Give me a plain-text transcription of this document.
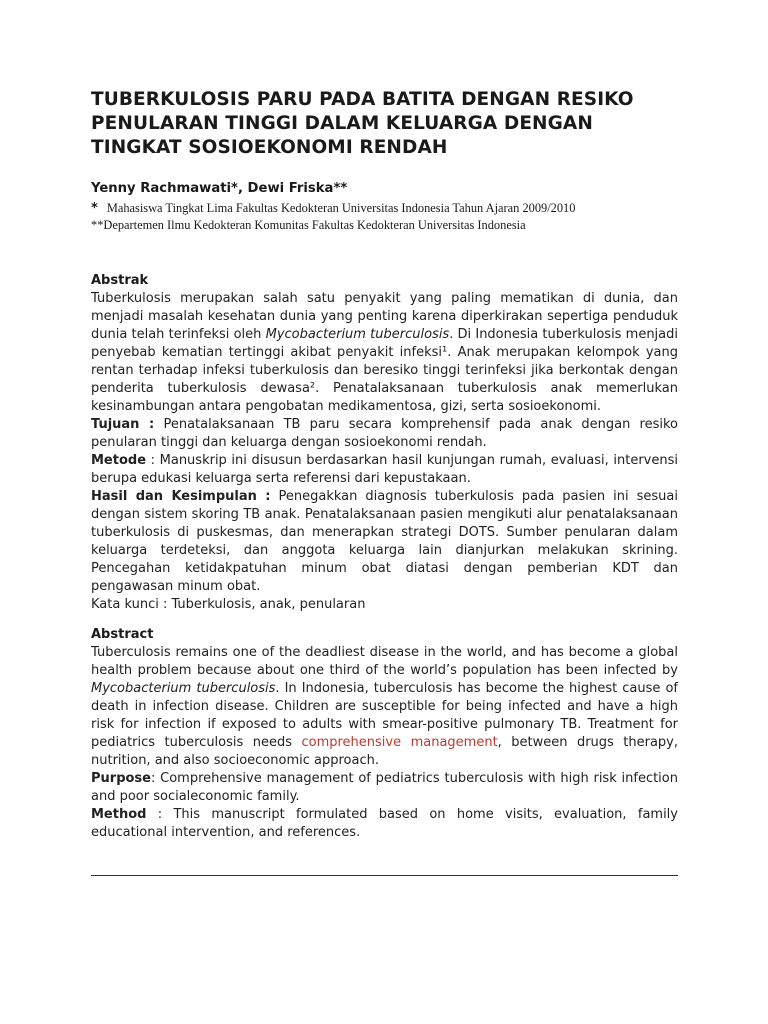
TUBERKULOSIS PARU PADA BATITA DENGAN RESIKO
PENULARAN TINGGI DALAM KELUARGA DENGAN
TINGKAT SOSIOEKONOMI RENDAH
Yenny Rachmawati*, Dewi Friska**
* Mahasiswa Tingkat Lima Fakultas Kedokteran Universitas Indonesia Tahun Ajaran 2009/2010
**Departemen Ilmu Kedokteran Komunitas Fakultas Kedokteran Universitas Indonesia
Abstrak

Tuberkulosis merupakan salah satu penyakit yang paling mematikan di dunia, dan menjadi masalah kesehatan dunia yang penting karena diperkirakan sepertiga penduduk dunia telah terinfeksi oleh Mycobacterium tuberculosis. Di Indonesia tuberkulosis menjadi penyebab kematian tertinggi akibat penyakit infeksi¹. Anak merupakan kelompok yang rentan terhadap infeksi tuberkulosis dan beresiko tinggi terinfeksi jika berkontak dengan penderita tuberkulosis dewasa². Penatalaksanaan tuberkulosis anak memerlukan kesinambungan antara pengobatan medikamentosa, gizi, serta sosioekonomi.

Tujuan : Penatalaksanaan TB paru secara komprehensif pada anak dengan resiko penularan tinggi dan keluarga dengan sosioekonomi rendah.

Metode : Manuskrip ini disusun berdasarkan hasil kunjungan rumah, evaluasi, intervensi berupa edukasi keluarga serta referensi dari kepustakaan.

Hasil dan Kesimpulan : Penegakkan diagnosis tuberkulosis pada pasien ini sesuai dengan sistem skoring TB anak. Penatalaksanaan pasien mengikuti alur penatalaksanaan tuberkulosis di puskesmas, dan menerapkan strategi DOTS. Sumber penularan dalam keluarga terdeteksi, dan anggota keluarga lain dianjurkan melakukan skrining. Pencegahan ketidakpatuhan minum obat diatasi dengan pemberian KDT dan pengawasan minum obat.

Kata kunci : Tuberkulosis, anak, penularan

Abstract

Tuberculosis remains one of the deadliest disease in the world, and has become a global health problem because about one third of the world’s population has been infected by Mycobacterium tuberculosis. In Indonesia, tuberculosis has become the highest cause of death in infection disease. Children are susceptible for being infected and have a high risk for infection if exposed to adults with smear-positive pulmonary TB. Treatment for pediatrics tuberculosis needs comprehensive management, between drugs therapy, nutrition, and also socioeconomic approach.

Purpose: Comprehensive management of pediatrics tuberculosis with high risk infection and poor socialeconomic family.

Method : This manuscript formulated based on home visits, evaluation, family educational intervention, and references.
